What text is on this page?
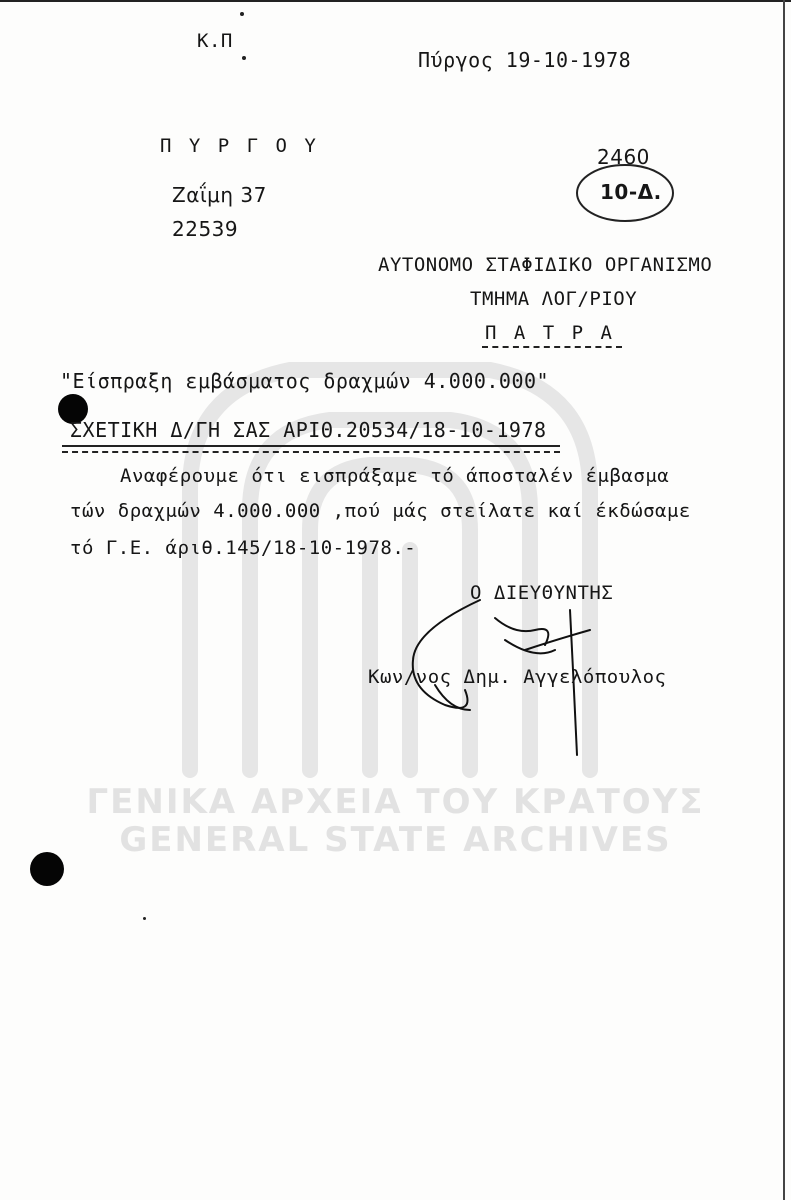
ΓΕΝΙΚΑ ΑΡΧΕΙΑ ΤΟΥ ΚΡΑΤΟΥΣ
GENERAL STATE ARCHIVES
Κ.Π
Πύργος 19-10-1978
Π Υ Ρ Γ Ο Υ
Ζαΐμη 37
22539
2460
10-Δ.
ΑΥΤΟΝΟΜΟ ΣΤΑΦΙΔΙΚΟ ΟΡΓΑΝΙΣΜΟ
ΤΜΗΜΑ ΛΟΓ/ΡΙΟΥ
Π Α Τ Ρ Α
"Είσπραξη εμβάσματος δραχμών 4.000.000"
ΣΧΕΤΙΚΗ Δ/ΓΗ ΣΑΣ ΑΡΙΘ.20534/18-10-1978
Αναφέρουμε ότι εισπράξαμε τό άποσταλέν έμβασμα
τών δραχμών 4.000.000 ,πού μάς στείλατε καί έκδώσαμε
τό Γ.Ε. άριθ.145/18-10-1978.-
Ο ΔΙΕΥΘΥΝΤΗΣ
Κων/νος Δημ. Αγγελόπουλος
